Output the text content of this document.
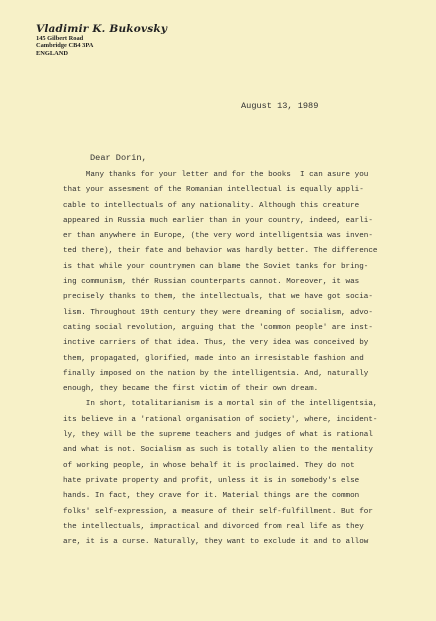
Vladimir K. Bukovsky
145 Gilbert Road
Cambridge CB4 3PA
ENGLAND
August 13, 1989
Dear Dorin,
Many thanks for your letter and for the books  I can asure you
that your assesment of the Romanian intellectual is equally appli-
cable to intellectuals of any nationality. Although this creature
appeared in Russia much earlier than in your country, indeed, earli-
er than anywhere in Europe, (the very word intelligentsia was inven-
ted there), their fate and behavior was hardly better. The difference
is that while your countrymen can blame the Soviet tanks for bring-
ing communism, thér Russian counterparts cannot. Moreover, it was
precisely thanks to them, the intellectuals, that we have got socia-
lism. Throughout 19th century they were dreaming of socialism, advo-
cating social revolution, arguing that the 'common people' are inst-
inctive carriers of that idea. Thus, the very idea was conceived by
them, propagated, glorified, made into an irresistable fashion and
finally imposed on the nation by the intelligentsia. And, naturally
enough, they became the first victim of their own dream.
In short, totalitarianism is a mortal sin of the intelligentsia,
its believe in a 'rational organisation of society', where, incident-
ly, they will be the supreme teachers and judges of what is rational
and what is not. Socialism as such is totally alien to the mentality
of working people, in whose behalf it is proclaimed. They do not
hate private property and profit, unless it is in somebody's else
hands. In fact, they crave for it. Material things are the common
folks' self-expression, a measure of their self-fulfillment. But for
the intellectuals, impractical and divorced from real life as they
are, it is a curse. Naturally, they want to exclude it and to allow
